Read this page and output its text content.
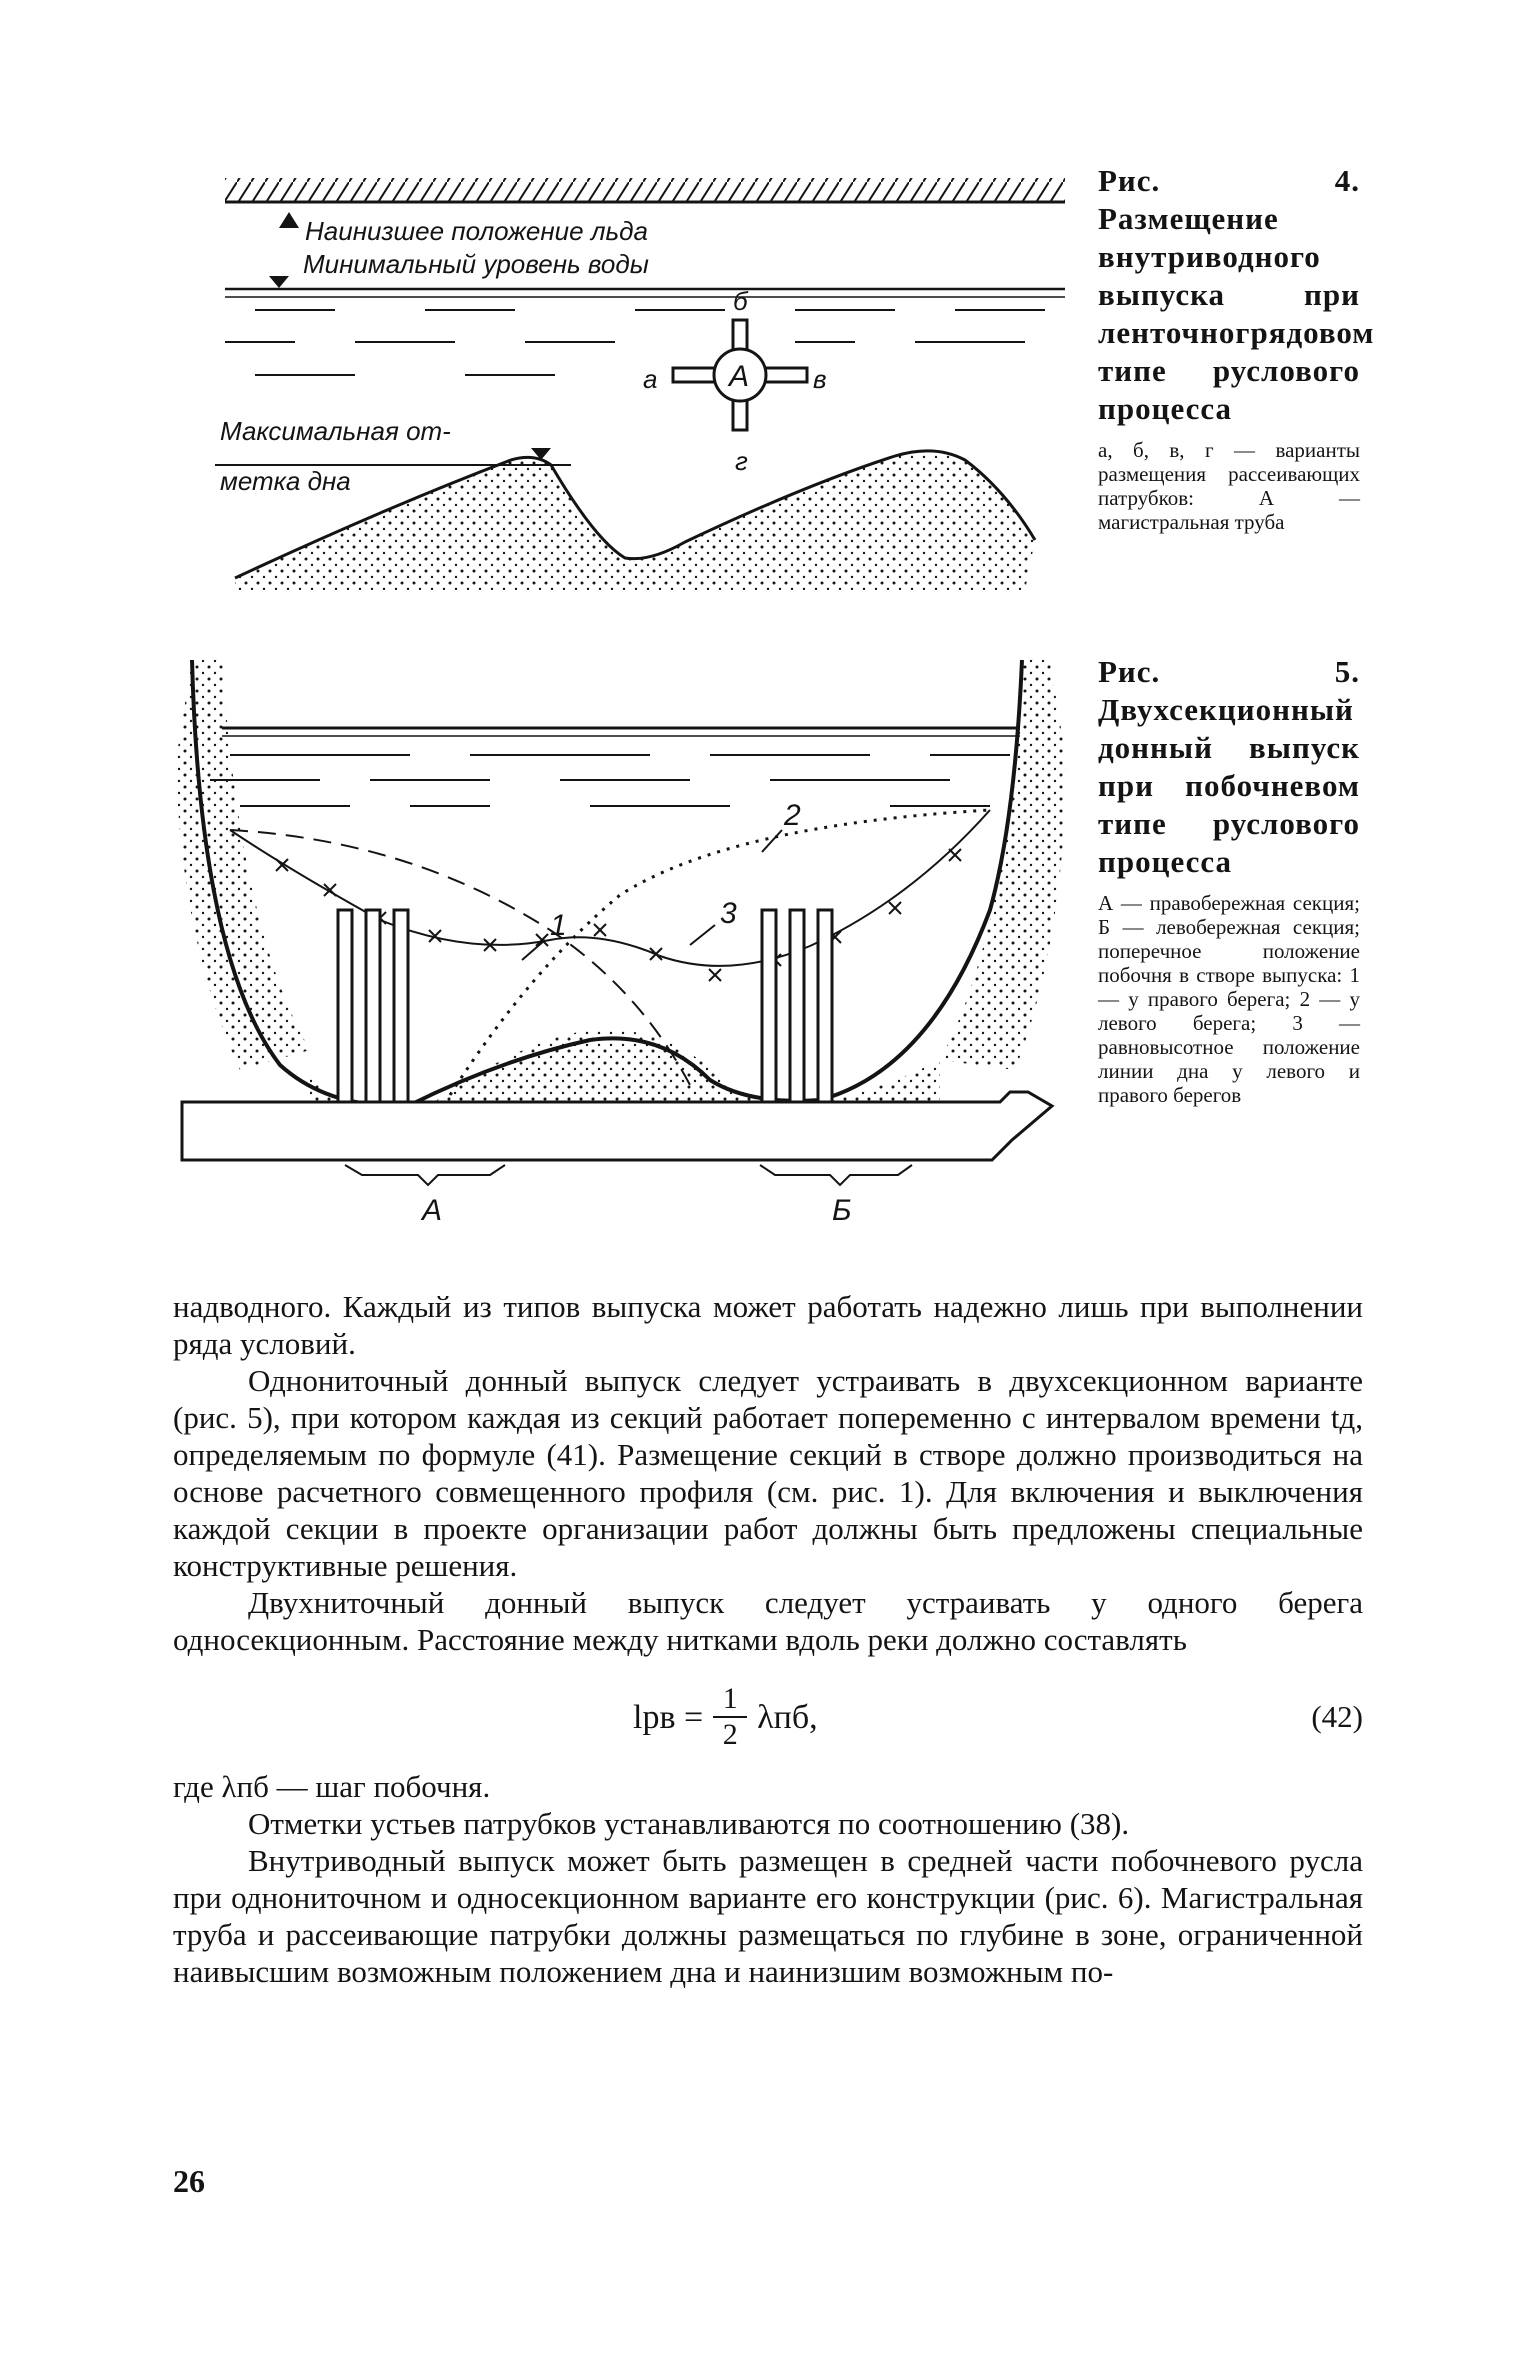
Наинизшее положение льда
Минимальный уровень воды
б
А
а	в
г
Максимальная от-
метка дна
Рис. 4. Размещение внутриводного выпуска при ленточногрядовом типе руслового процесса
а, б, в, г — варианты размещения рассеивающих патрубков: А — магистральная труба
1
2
3
А	Б
Рис. 5. Двухсекционный донный выпуск при побочневом типе руслового процесса
А — правобережная секция; Б — левобережная секция; поперечное положение побочня в створе выпуска: 1 — у правого берега; 2 — у левого берега; 3 — равновысотное положение линии дна у левого и правого берегов

надводного. Каждый из типов выпуска может работать надежно лишь при выполнении ряда условий.

Однониточный донный выпуск следует устраивать в двухсекционном варианте (рис. 5), при котором каждая из секций работает попеременно с интервалом времени tд, определяемым по формуле (41). Размещение секций в створе должно производиться на основе расчетного совмещенного профиля (см. рис. 1). Для включения и выключения каждой секции в проекте организации работ должны быть предложены специальные конструктивные решения.

Двухниточный донный выпуск следует устраивать у одного берега односекционным. Расстояние между нитками вдоль реки должно составлять

lрв = $\frac{1}{2} \lambda пб$,	(42)

где λпб — шаг побочня.

Отметки устьев патрубков устанавливаются по соотношению (38).

Внутриводный выпуск может быть размещен в средней части побочневого русла при однониточном и односекционном варианте его конструкции (рис. 6). Магистральная труба и рассеивающие патрубки должны размещаться по глубине в зоне, ограниченной наивысшим возможным положением дна и наинизшим возможным по-

26
